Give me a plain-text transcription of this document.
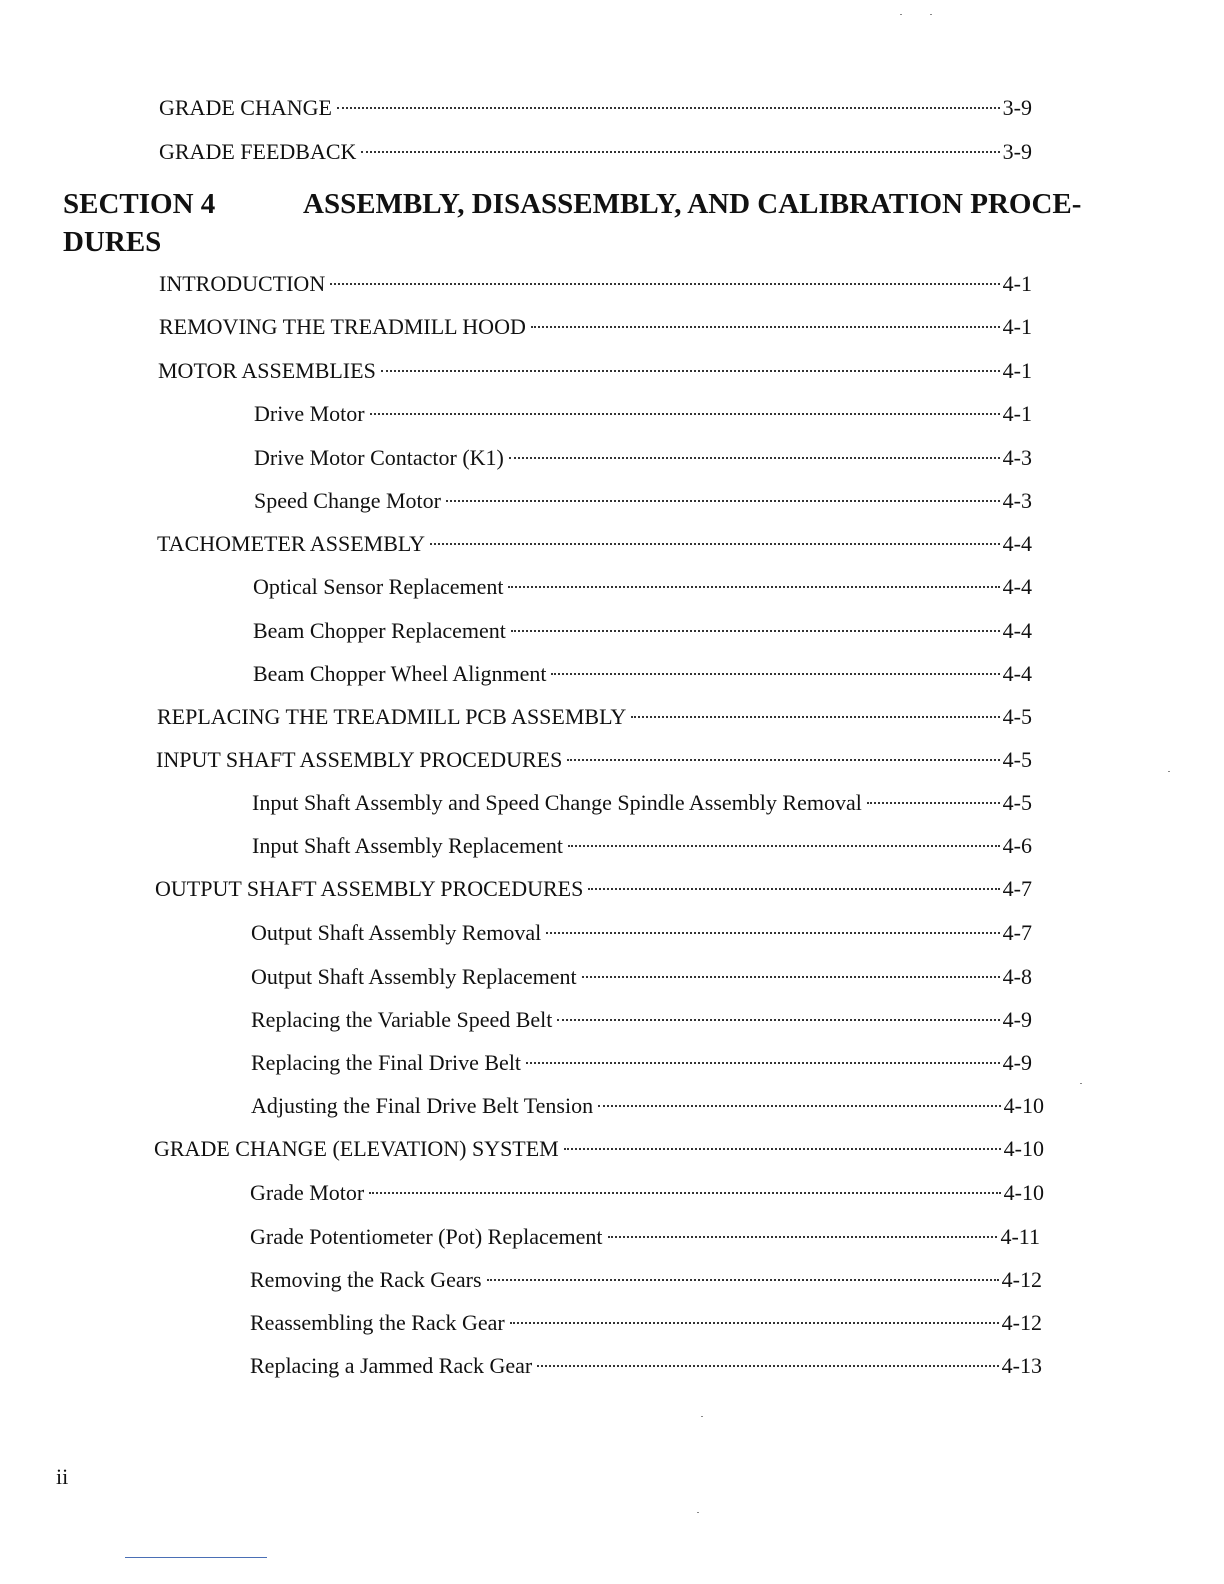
GRADE CHANGE	3-9
GRADE FEEDBACK	3-9
SECTION 4	ASSEMBLY, DISASSEMBLY, AND CALIBRATION PROCE-
DURES
INTRODUCTION	4-1
REMOVING THE TREADMILL HOOD	4-1
MOTOR ASSEMBLIES	4-1
Drive Motor	4-1
Drive Motor Contactor (K1)	4-3
Speed Change Motor	4-3
TACHOMETER ASSEMBLY	4-4
Optical Sensor Replacement	4-4
Beam Chopper Replacement	4-4
Beam Chopper Wheel Alignment	4-4
REPLACING THE TREADMILL PCB ASSEMBLY	4-5
INPUT SHAFT ASSEMBLY PROCEDURES	4-5
Input Shaft Assembly and Speed Change Spindle Assembly Removal	4-5
Input Shaft Assembly Replacement	4-6
OUTPUT SHAFT ASSEMBLY PROCEDURES	4-7
Output Shaft Assembly Removal	4-7
Output Shaft Assembly Replacement	4-8
Replacing the Variable Speed Belt	4-9
Replacing the Final Drive Belt	4-9
Adjusting the Final Drive Belt Tension	4-10
GRADE CHANGE (ELEVATION) SYSTEM	4-10
Grade Motor	4-10
Grade Potentiometer (Pot) Replacement	4-11
Removing the Rack Gears	4-12
Reassembling the Rack Gear	4-12
Replacing a Jammed Rack Gear	4-13
ii
